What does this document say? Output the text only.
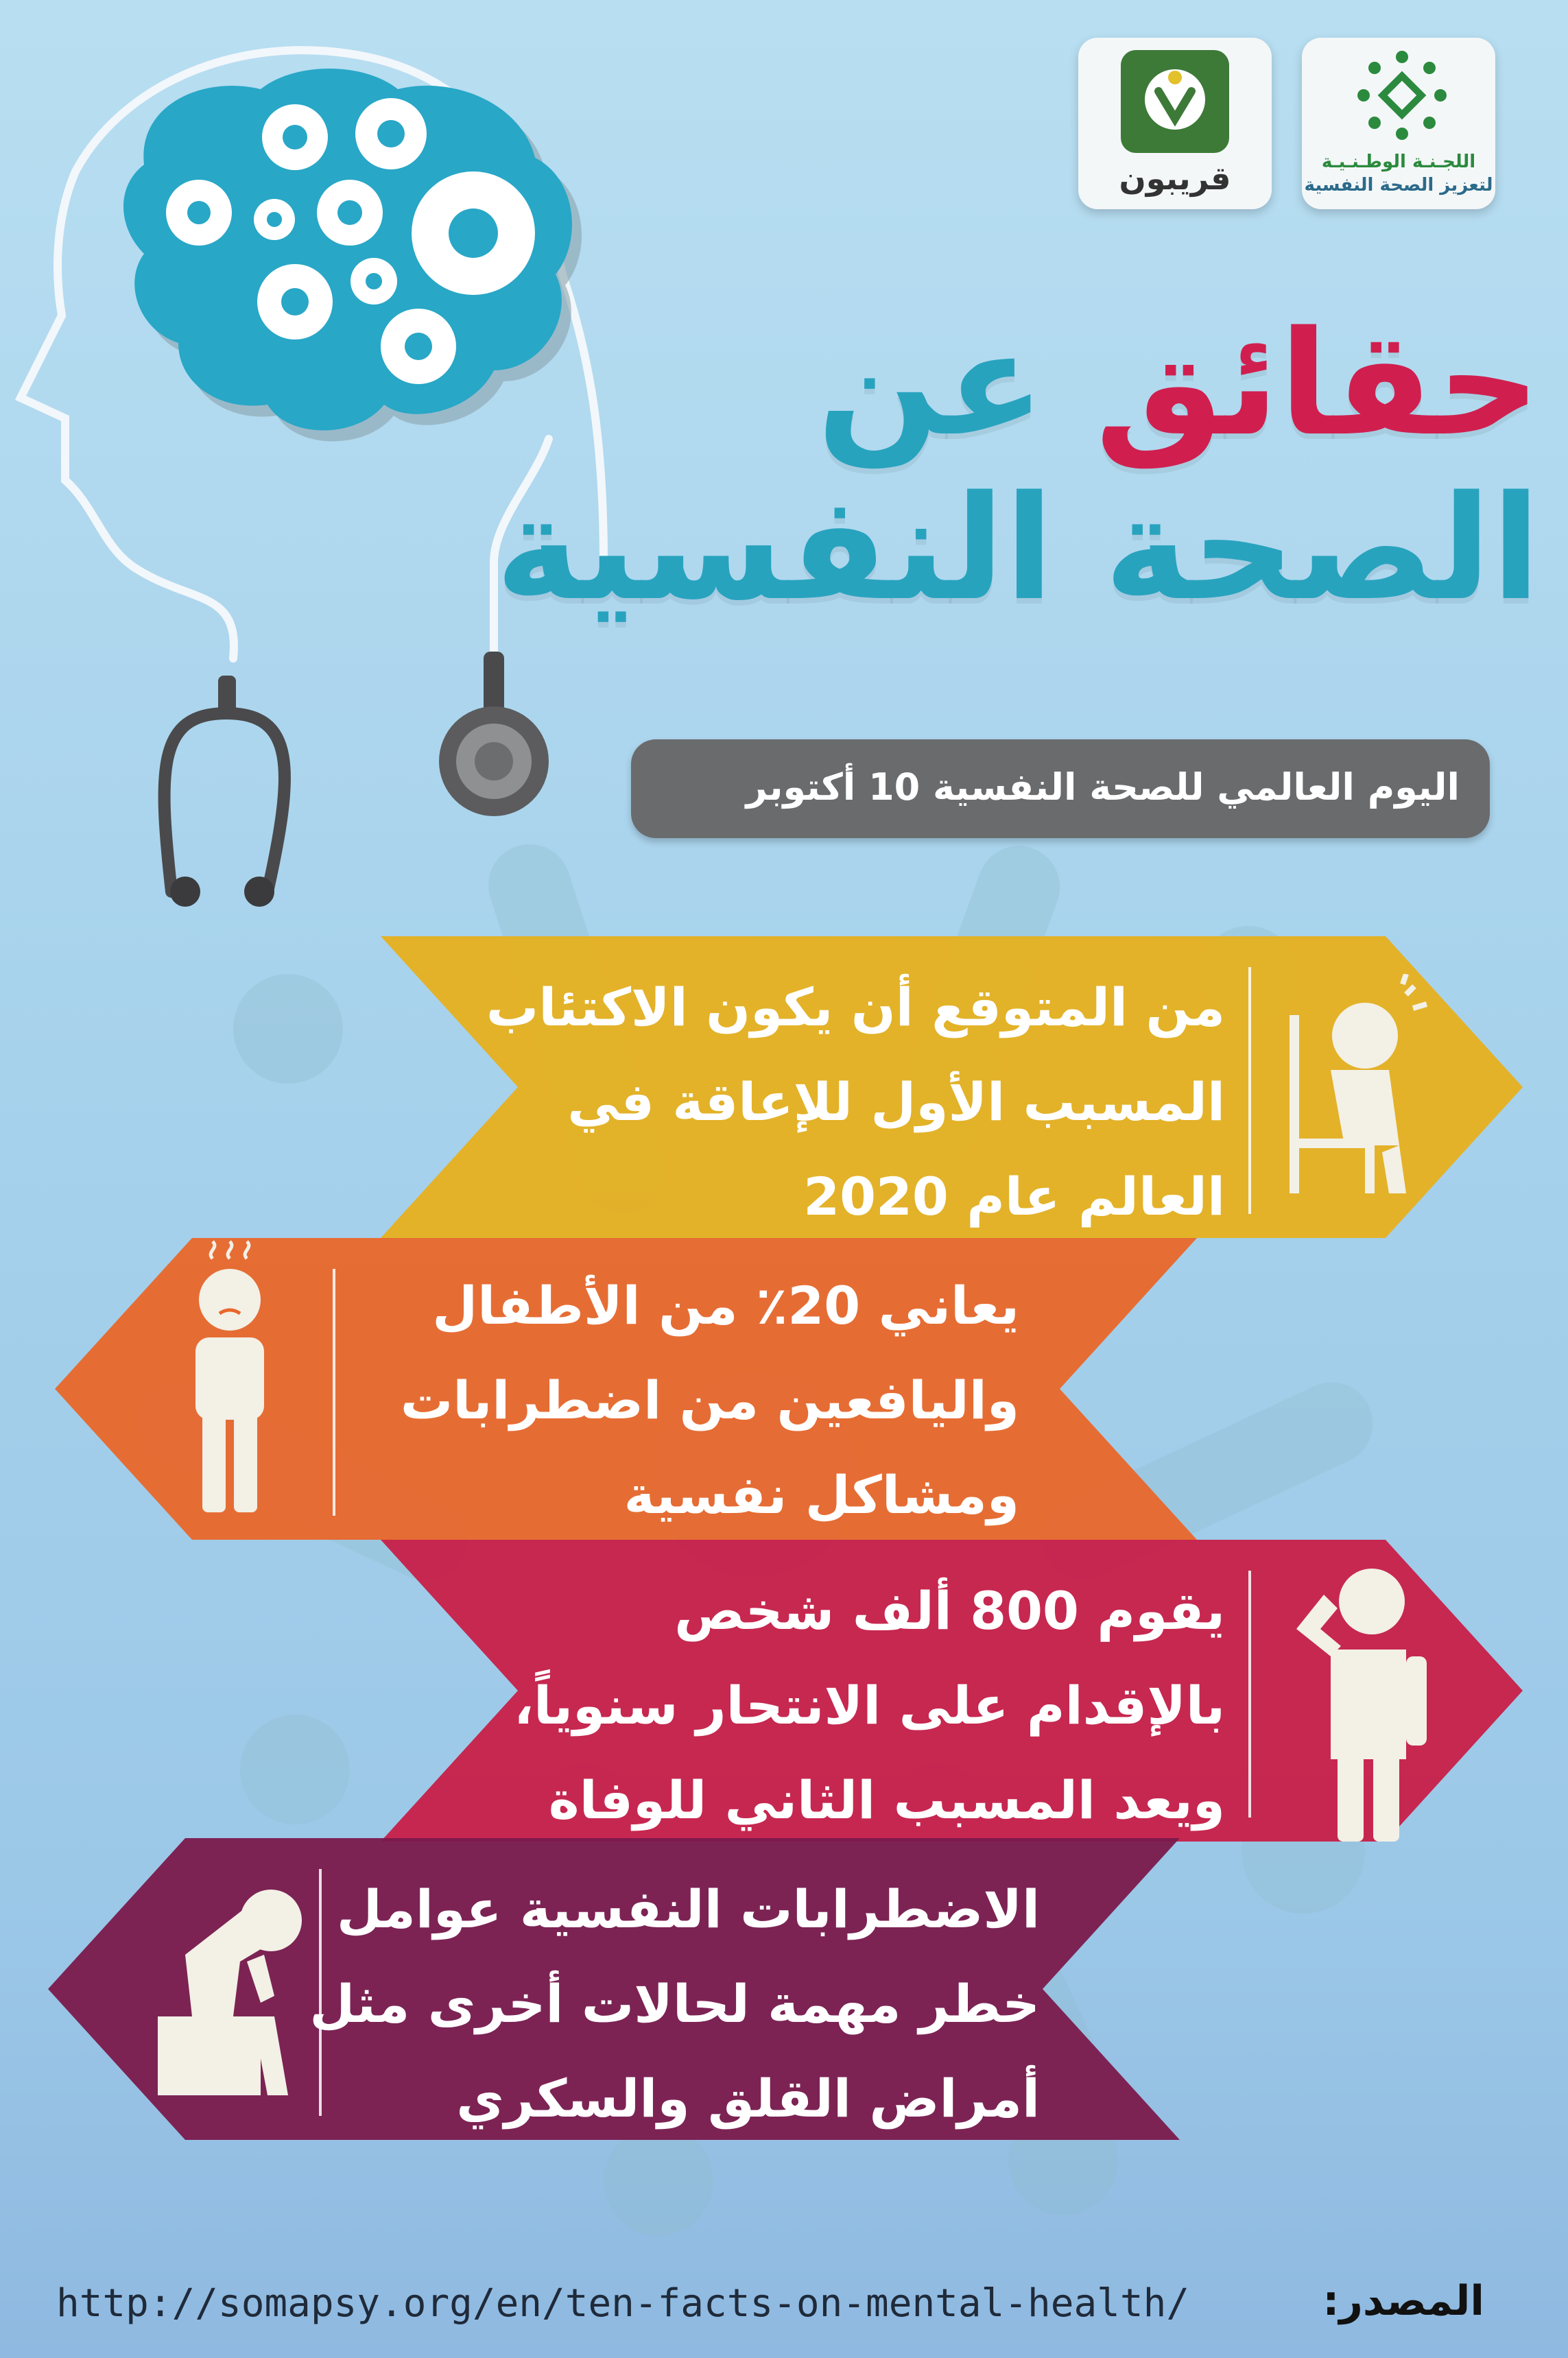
قريبون	اللجـنـة الوطـنـيـة
لتعزيز الصحة النفسية
حقائق عن
الصحة النفسية
اليوم العالمي للصحة النفسية 10 أكتوبر
من المتوقع أن يكون الاكتئاب
المسبب الأول للإعاقة في
العالم عام 2020
يعاني 20٪ من الأطفال
واليافعين من اضطرابات
ومشاكل نفسية
يقوم 800 ألف شخص
بالإقدام على الانتحار سنوياً،
ويعد المسبب الثاني للوفاة
الاضطرابات النفسية عوامل
خطر مهمة لحالات أخرى مثل
أمراض القلق والسكري
http://somapsy.org/en/ten-facts-on-mental-health/	المصدر:
